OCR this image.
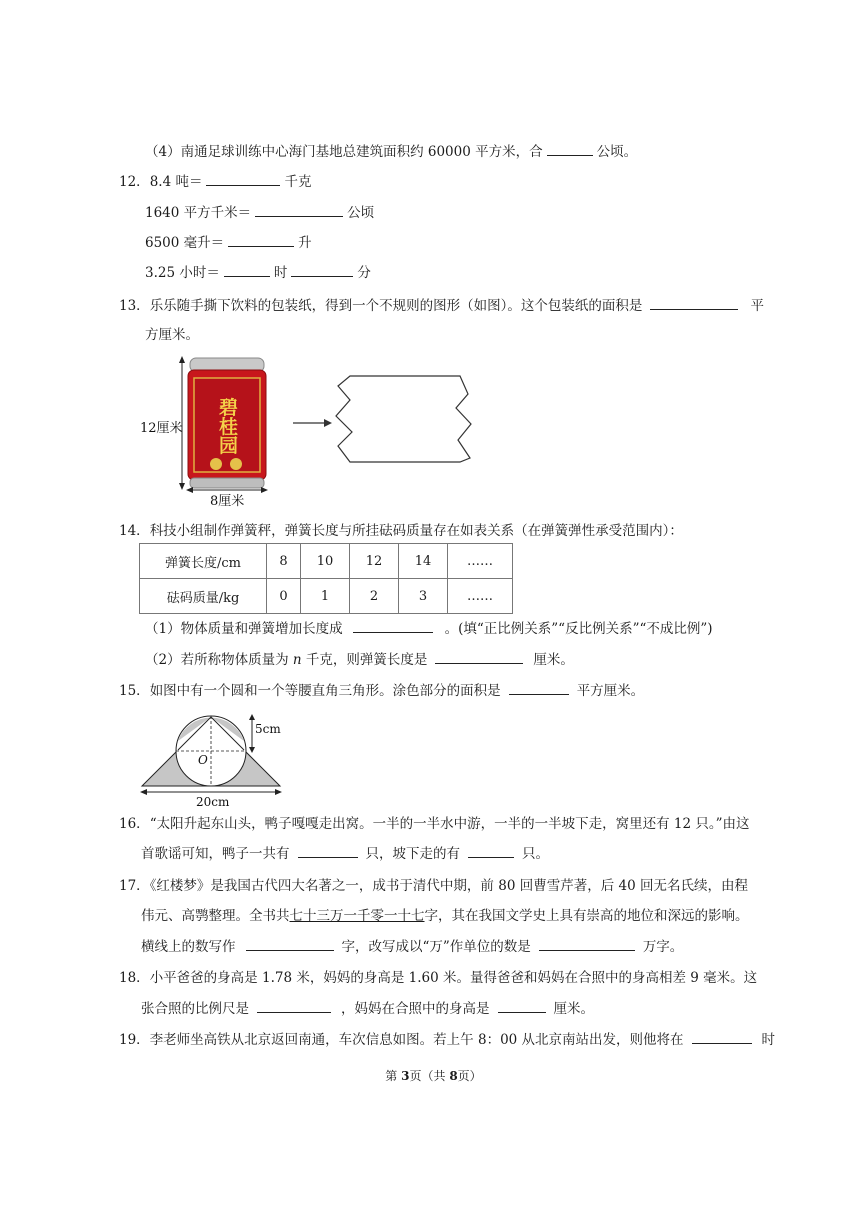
（4）南通足球训练中心海门基地总建筑面积约 60000 平方米，合	公顷。
12．8.4 吨＝	千克
1640 平方千米＝	公顷
6500 毫升＝	升
3.25 小时＝	时	分
13．乐乐随手撕下饮料的包装纸，得到一个不规则的图形（如图）。这个包装纸的面积是	平
方厘米。
碧桂园
12厘米
8厘米
14．科技小组制作弹簧秤，弹簧长度与所挂砝码质量存在如表关系（在弹簧弹性承受范围内）：
弹簧长度/cm	8	10	12	14	……
砝码质量/kg	0	1	2	3	……
（1）物体质量和弹簧增加长度成	。(填“正比例关系”“反比例关系”“不成比例”)
（2）若所称物体质量为 n 千克，则弹簧长度是	厘米。
15．如图中有一个圆和一个等腰直角三角形。涂色部分的面积是	平方厘米。
5cm
O
20cm
16．“太阳升起东山头，鸭子嘎嘎走出窝。一半的一半水中游，一半的一半坡下走，窝里还有 12 只。”由这
首歌谣可知，鸭子一共有	只，坡下走的有	只。
17．《红楼梦》是我国古代四大名著之一，成书于清代中期，前 80 回曹雪芹著，后 40 回无名氏续，由程
伟元、高鹗整理。全书共七十三万一千零一十七字，其在我国文学史上具有崇高的地位和深远的影响。
横线上的数写作	字，改写成以“万”作单位的数是	万字。
18．小平爸爸的身高是 1.78 米，妈妈的身高是 1.60 米。量得爸爸和妈妈在合照中的身高相差 9 毫米。这
张合照的比例尺是	，妈妈在合照中的身高是	厘米。
19．李老师坐高铁从北京返回南通，车次信息如图。若上午 8：00 从北京南站出发，则他将在	时
第 3页（共 8页）
